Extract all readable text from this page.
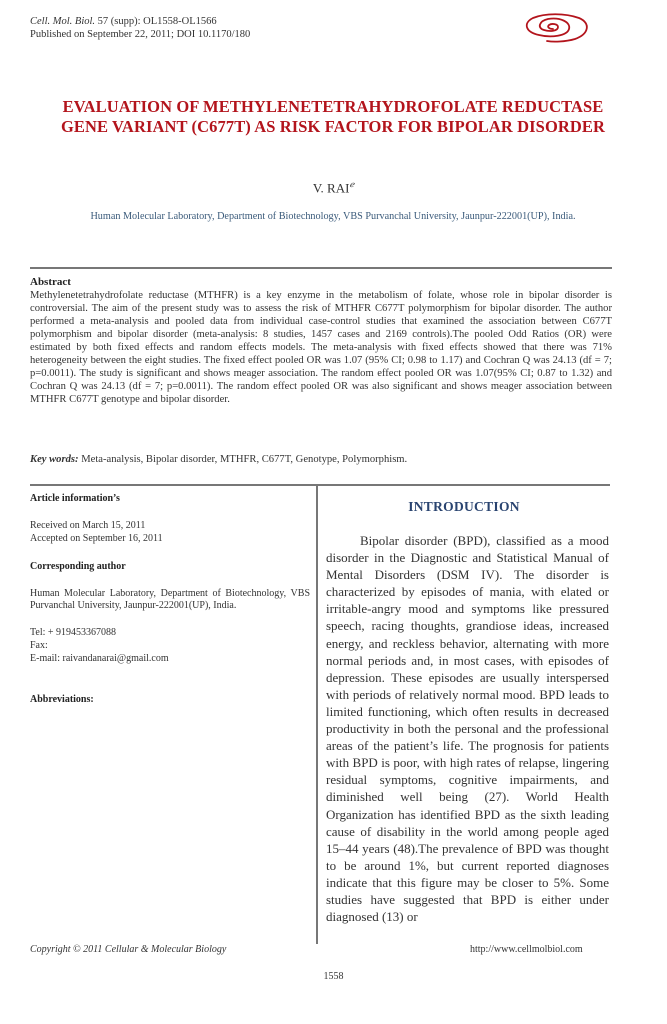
Cell. Mol. Biol. 57 (supp): OL1558-OL1566
Published on September 22, 2011; DOI 10.1170/180
EVALUATION OF METHYLENETETRAHYDROFOLATE REDUCTASE GENE VARIANT (C677T) AS RISK FACTOR FOR BIPOLAR DISORDER
V. $RAI^ℯ$
Human Molecular Laboratory, Department of Biotechnology, VBS Purvanchal University, Jaunpur-222001(UP), India.
Abstract
Methylenetetrahydrofolate reductase (MTHFR) is a key enzyme in the metabolism of folate, whose role in bipolar disorder is controversial. The aim of the present study was to assess the risk of MTHFR C677T polymorphism for bipolar disorder. The author performed a meta-analysis and pooled data from individual case-control studies that examined the association between C677T polymorphism and bipolar disorder (meta-analysis: 8 studies, 1457 cases and 2169 controls).The pooled Odd Ratios (OR) were estimated by both fixed effects and random effects models. The meta-analysis with fixed effects showed that there was 71% heterogeneity between the eight studies. The fixed effect pooled OR was 1.07 (95% CI; 0.98 to 1.17) and Cochran Q was 24.13 (df = 7; p=0.0011). The study is significant and shows meager association. The random effect pooled OR was 1.07(95% CI; 0.87 to 1.32) and Cochran Q was 24.13 (df = 7; p=0.0011). The random effect pooled OR was also significant and shows meager association between MTHFR C677T genotype and bipolar disorder.
Key words: Meta-analysis, Bipolar disorder, MTHFR, C677T, Genotype, Polymorphism.
Article information’s
Received on March 15, 2011
Accepted on September 16, 2011
Corresponding author
Human Molecular Laboratory, Department of Biotechnology, VBS Purvanchal University, Jaunpur-222001(UP), India.
Tel: + 919453367088
Fax:
E-mail: raivandanarai@gmail.com
Abbreviations:
INTRODUCTION
Bipolar disorder (BPD), classified as a mood disorder in the Diagnostic and Statistical Manual of Mental Disorders (DSM IV). The disorder is characterized by episodes of mania, with elated or irritable-angry mood and symptoms like pressured speech, racing thoughts, grandiose ideas, increased energy, and reckless behavior, alternating with more normal periods and, in most cases, with episodes of depression. These episodes are usually interspersed with periods of relatively normal mood. BPD leads to limited functioning, which often results in decreased productivity in both the personal and the professional areas of the patient’s life. The prognosis for patients with BPD is poor, with high rates of relapse, lingering residual symptoms, cognitive impairments, and diminished well being (27). World Health Organization has identified BPD as the sixth leading cause of disability in the world among people aged 15–44 years (48).The prevalence of BPD was thought to be around 1%, but current reported diagnoses indicate that this figure may be closer to 5%. Some studies have suggested that BPD is either under diagnosed (13) or
Copyright © 2011 Cellular & Molecular Biology	http://www.cellmolbiol.com
1558
